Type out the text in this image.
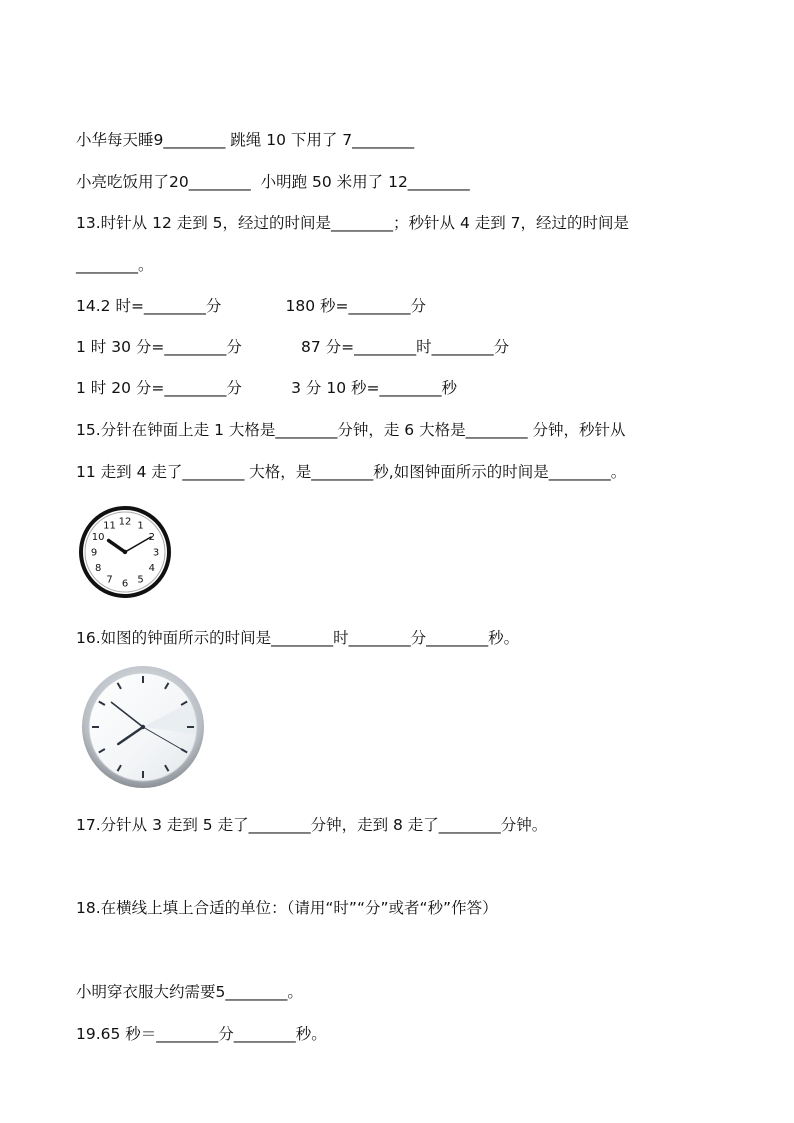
小华每天睡9________ 跳绳 10 下用了 7________
小亮吃饭用了20________  小明跑 50 米用了 12________
13.时针从 12 走到 5，经过的时间是________；秒针从 4 走到 7，经过的时间是
________。
14.2 时=________分             180 秒=________分
1 时 30 分=________分            87 分=________时________分
1 时 20 分=________分          3 分 10 秒=________秒
15.分针在钟面上走 1 大格是________分钟，走 6 大格是________ 分钟，秒针从
11 走到 4 走了________ 大格，是________秒,如图钟面所示的时间是________。
12 1
2
3
4
5
6
7
8
9
10
11
16.如图的钟面所示的时间是________时________分________秒。
17.分针从 3 走到 5 走了________分钟，走到 8 走了________分钟。
18.在横线上填上合适的单位：（请用“时”“分”或者“秒”作答）
小明穿衣服大约需要5________。
19.65 秒＝________分________秒。
